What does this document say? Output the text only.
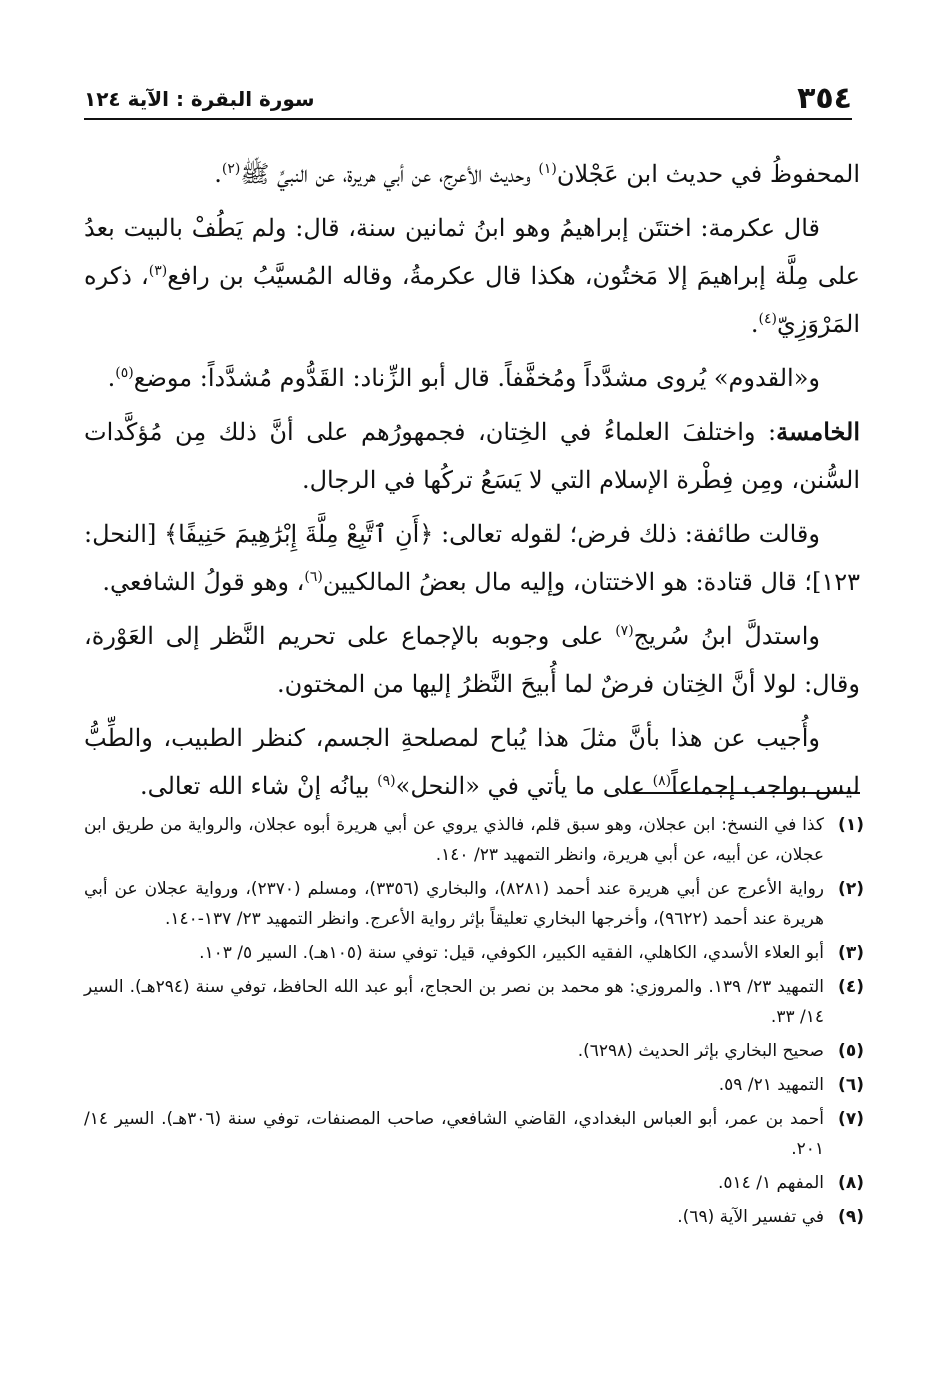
٣٥٤
سورة البقرة : الآية ١٢٤

المحفوظُ في حديث ابن عَجْلان$^{(١)}$ وحديث الأعرج، عن أبي هريرة، عن النبيِّ ﷺ$^{(٢)}$.

قال عكرمة: اختتَن إبراهيمُ وهو ابنُ ثمانين سنة، قال: ولم يَطُفْ بالبيت بعدُ على مِلَّة إبراهيمَ إلا مَختُون، هكذا قال عكرمةُ، وقاله المُسيَّبُ بن رافع$^{(٣)}$، ذكره المَرْوَزِيّ$^{(٤)}$.

و«القدوم» يُروى مشدَّداً ومُخفَّفاً. قال أبو الزِّناد: القَدُّوم مُشدَّداً: موضع$^{(٥)}$.

الخامسة: واختلفَ العلماءُ في الخِتان، فجمهورُهم على أنَّ ذلك مِن مُؤكَّدات السُّنن، ومِن فِطْرة الإسلام التي لا يَسَعُ تركُها في الرجال.

وقالت طائفة: ذلك فرض؛ لقوله تعالى: ﴿أَنِ ٱتَّبِعْ مِلَّةَ إِبْرَٰهِيمَ حَنِيفًا﴾ [النحل: ١٢٣]؛ قال قتادة: هو الاختتان، وإليه مال بعضُ المالكيين$^{(٦)}$، وهو قولُ الشافعي.

واستدلَّ ابنُ سُريج$^{(٧)}$ على وجوبه بالإجماع على تحريم النَّظر إلى العَوْرة، وقال: لولا أنَّ الخِتان فرضٌ لما أُبيحَ النَّظرُ إليها من المختون.

وأُجيب عن هذا بأنَّ مثلَ هذا يُباح لمصلحةِ الجسم، كنظر الطبيب، والطِّبُّ ليس بواجب إجماعاً$^{(٨)}$ على ما يأتي في «النحل»$^{(٩)}$ بيانُه إنْ شاء الله تعالى.

(١)
كذا في النسخ: ابن عجلان، وهو سبق قلم، فالذي يروي عن أبي هريرة أبوه عجلان، والرواية من طريق ابن عجلان، عن أبيه، عن أبي هريرة، وانظر التمهيد ٢٣/ ١٤٠.
(٢)
رواية الأعرج عن أبي هريرة عند أحمد (٨٢٨١)، والبخاري (٣٣٥٦)، ومسلم (٢٣٧٠)، ورواية عجلان عن أبي هريرة عند أحمد (٩٦٢٢)، وأخرجها البخاري تعليقاً بإثر رواية الأعرج. وانظر التمهيد ٢٣/ ١٣٧-١٤٠.
(٣)
أبو العلاء الأسدي، الكاهلي، الفقيه الكبير، الكوفي، قيل: توفي سنة (١٠٥هـ). السير ٥/ ١٠٣.
(٤)
التمهيد ٢٣/ ١٣٩. والمروزي: هو محمد بن نصر بن الحجاج، أبو عبد الله الحافظ، توفي سنة (٢٩٤هـ). السير ١٤/ ٣٣.
(٥)
صحيح البخاري بإثر الحديث (٦٢٩٨).
(٦)
التمهيد ٢١/ ٥٩.
(٧)
أحمد بن عمر، أبو العباس البغدادي، القاضي الشافعي، صاحب المصنفات، توفي سنة (٣٠٦هـ). السير ١٤/ ٢٠١.
(٨)
المفهم ١/ ٥١٤.
(٩)
في تفسير الآية (٦٩).
